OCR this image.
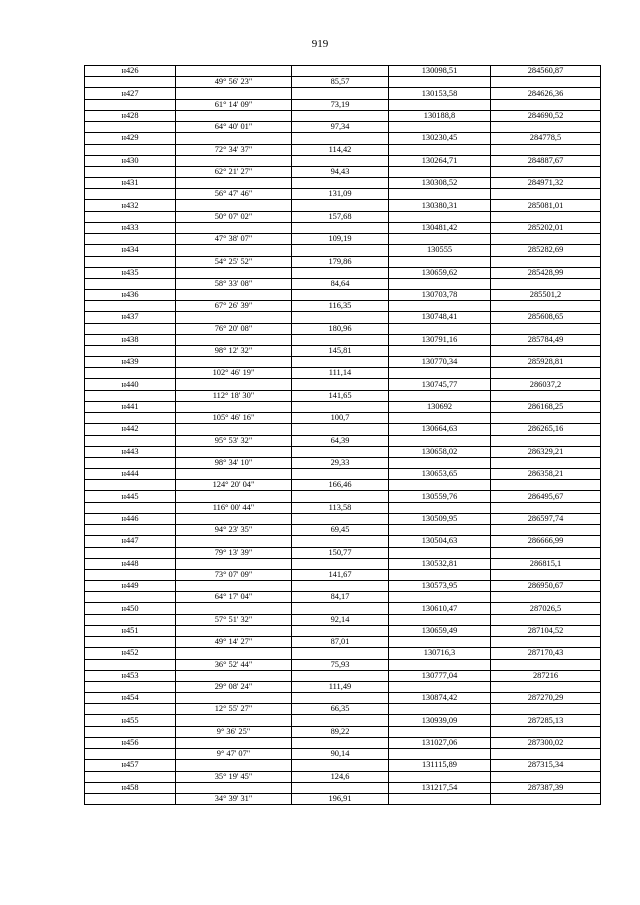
919
н426			130098,51	284560,87
	49° 56' 23"	85,57		
н427			130153,58	284626,36
	61° 14' 09"	73,19		
н428			130188,8	284690,52
	64° 40' 01"	97,34		
н429			130230,45	284778,5
	72° 34' 37"	114,42		
н430			130264,71	284887,67
	62° 21' 27"	94,43		
н431			130308,52	284971,32
	56° 47' 46"	131,09		
н432			130380,31	285081,01
	50° 07' 02"	157,68		
н433			130481,42	285202,01
	47° 38' 07"	109,19		
н434			130555	285282,69
	54° 25' 52"	179,86		
н435			130659,62	285428,99
	58° 33' 08"	84,64		
н436			130703,78	285501,2
	67° 26' 39"	116,35		
н437			130748,41	285608,65
	76° 20' 08"	180,96		
н438			130791,16	285784,49
	98° 12' 32"	145,81		
н439			130770,34	285928,81
	102° 46' 19"	111,14		
н440			130745,77	286037,2
	112° 18' 30"	141,65		
н441			130692	286168,25
	105° 46' 16"	100,7		
н442			130664,63	286265,16
	95° 53' 32"	64,39		
н443			130658,02	286329,21
	98° 34' 10"	29,33		
н444			130653,65	286358,21
	124° 20' 04"	166,46		
н445			130559,76	286495,67
	116° 00' 44"	113,58		
н446			130509,95	286597,74
	94° 23' 35"	69,45		
н447			130504,63	286666,99
	79° 13' 39"	150,77		
н448			130532,81	286815,1
	73° 07' 09"	141,67		
н449			130573,95	286950,67
	64° 17' 04"	84,17		
н450			130610,47	287026,5
	57° 51' 32"	92,14		
н451			130659,49	287104,52
	49° 14' 27"	87,01		
н452			130716,3	287170,43
	36° 52' 44"	75,93		
н453			130777,04	287216
	29° 08' 24"	111,49		
н454			130874,42	287270,29
	12° 55' 27"	66,35		
н455			130939,09	287285,13
	9° 36' 25"	89,22		
н456			131027,06	287300,02
	9° 47' 07"	90,14		
н457			131115,89	287315,34
	35° 19' 45"	124,6		
н458			131217,54	287387,39
	34° 39' 31"	196,91		
